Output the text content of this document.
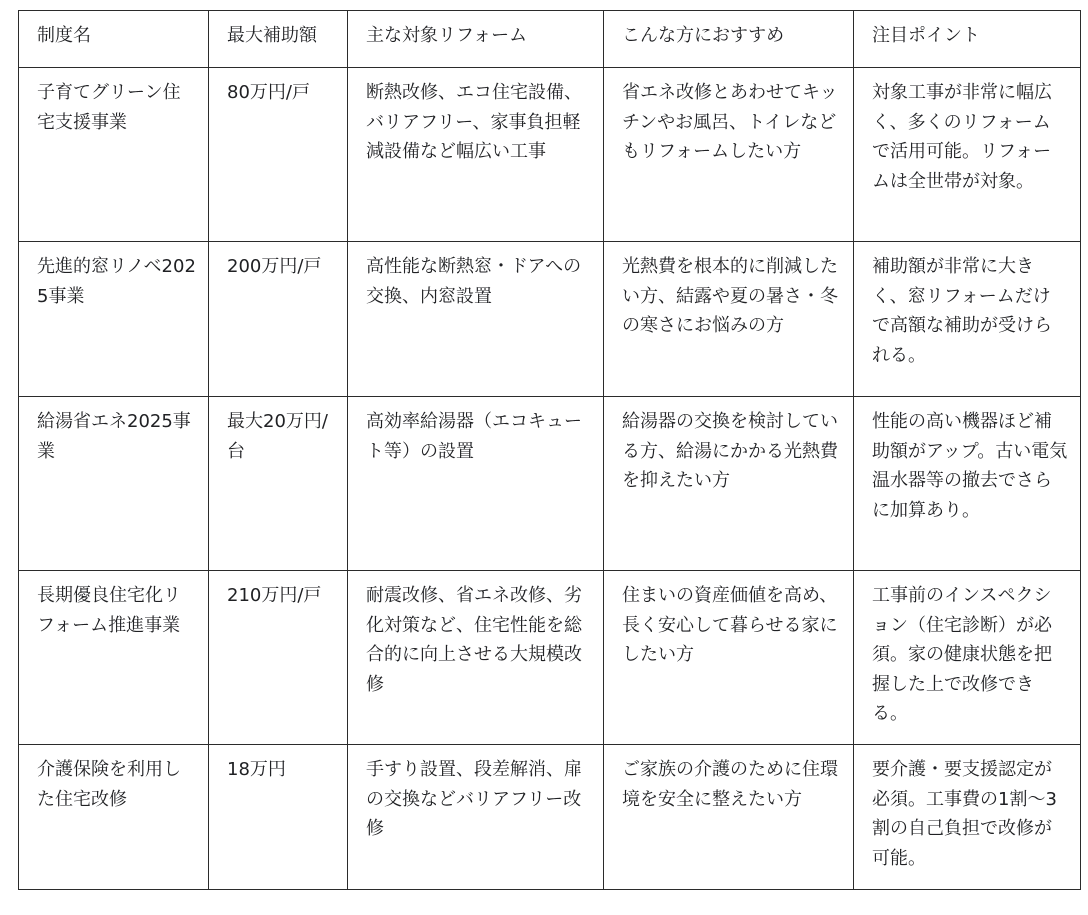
制度名	最大補助額	主な対象リフォーム	こんな方におすすめ	注目ポイント
子育てグリーン住宅支援事業	80万円/戸	断熱改修、エコ住宅設備、バリアフリー、家事負担軽減設備など幅広い工事	省エネ改修とあわせてキッチンやお風呂、トイレなどもリフォームしたい方	対象工事が非常に幅広く、多くのリフォームで活用可能。リフォームは全世帯が対象。
先進的窓リノベ2025事業	200万円/戸	高性能な断熱窓・ドアへの交換、内窓設置	光熱費を根本的に削減したい方、結露や夏の暑さ・冬の寒さにお悩みの方	補助額が非常に大きく、窓リフォームだけで高額な補助が受けられる。
給湯省エネ2025事業	最大20万円/台	高効率給湯器（エコキュート等）の設置	給湯器の交換を検討している方、給湯にかかる光熱費を抑えたい方	性能の高い機器ほど補助額がアップ。古い電気温水器等の撤去でさらに加算あり。
長期優良住宅化リフォーム推進事業	210万円/戸	耐震改修、省エネ改修、劣化対策など、住宅性能を総合的に向上させる大規模改修	住まいの資産価値を高め、長く安心して暮らせる家にしたい方	工事前のインスペクション（住宅診断）が必須。家の健康状態を把握した上で改修できる。
介護保険を利用した住宅改修	18万円	手すり設置、段差解消、扉の交換などバリアフリー改修	ご家族の介護のために住環境を安全に整えたい方	要介護・要支援認定が必須。工事費の1割〜3割の自己負担で改修が可能。
